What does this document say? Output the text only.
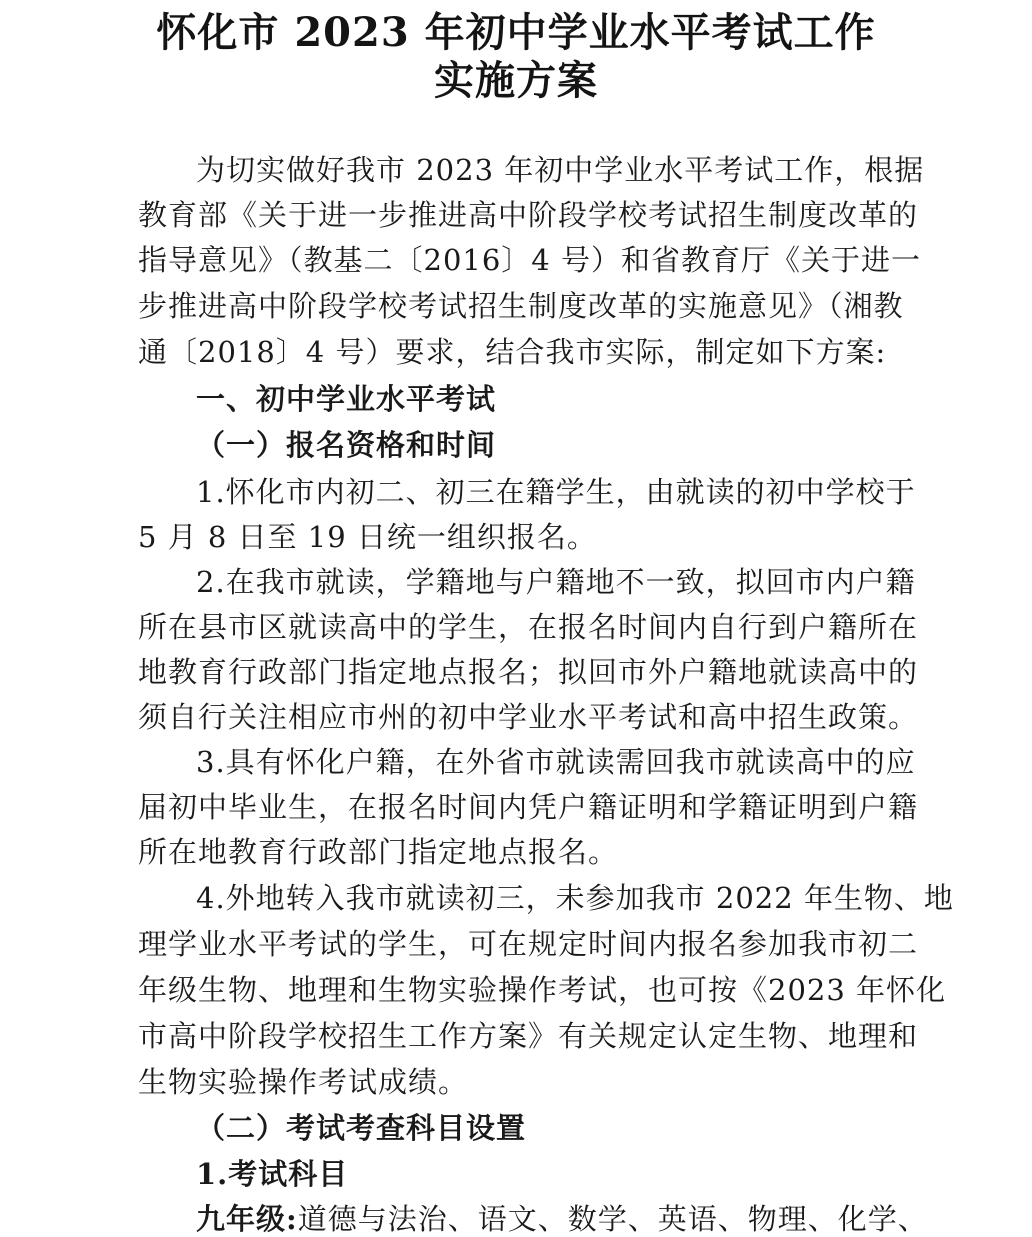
怀化市 2023 年初中学业水平考试工作
实施方案
为切实做好我市 2023 年初中学业水平考试工作，根据
教育部《关于进一步推进高中阶段学校考试招生制度改革的
指导意见》（教基二〔2016〕4 号）和省教育厅《关于进一
步推进高中阶段学校考试招生制度改革的实施意见》（湘教
通〔2018〕4 号）要求，结合我市实际，制定如下方案:
一、初中学业水平考试
（一）报名资格和时间
1.怀化市内初二、初三在籍学生，由就读的初中学校于
5 月 8 日至 19 日统一组织报名。
2.在我市就读，学籍地与户籍地不一致，拟回市内户籍
所在县市区就读高中的学生，在报名时间内自行到户籍所在
地教育行政部门指定地点报名；拟回市外户籍地就读高中的
须自行关注相应市州的初中学业水平考试和高中招生政策。
3.具有怀化户籍，在外省市就读需回我市就读高中的应
届初中毕业生，在报名时间内凭户籍证明和学籍证明到户籍
所在地教育行政部门指定地点报名。
4.外地转入我市就读初三，未参加我市 2022 年生物、地
理学业水平考试的学生，可在规定时间内报名参加我市初二
年级生物、地理和生物实验操作考试，也可按《2023 年怀化
市高中阶段学校招生工作方案》有关规定认定生物、地理和
生物实验操作考试成绩。
（二）考试考查科目设置
1.考试科目
九年级:道德与法治、语文、数学、英语、物理、化学、
